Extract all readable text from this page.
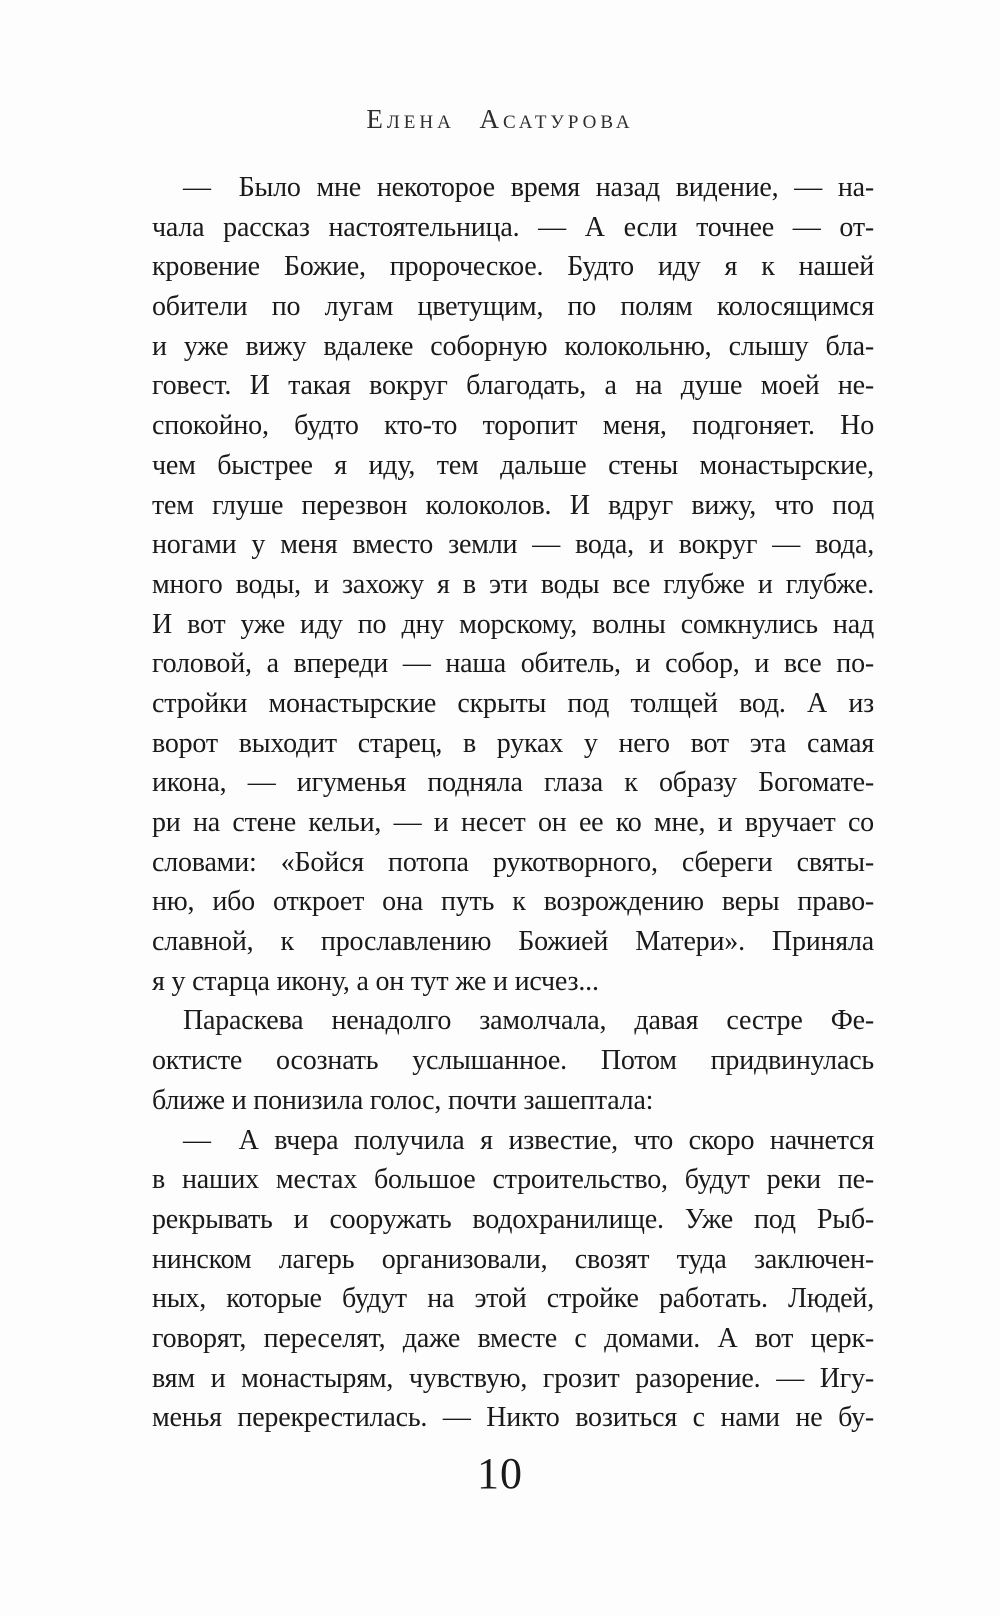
Елена Асатурова
— Было мне некоторое время назад видение, — на-
чала рассказ настоятельница. — А если точнее — от-
кровение Божие, пророческое. Будто иду я к нашей
обители по лугам цветущим, по полям колосящимся
и уже вижу вдалеке соборную колокольню, слышу бла-
говест. И такая вокруг благодать, а на душе моей не-
спокойно, будто кто-то торопит меня, подгоняет. Но
чем быстрее я иду, тем дальше стены монастырские,
тем глуше перезвон колоколов. И вдруг вижу, что под
ногами у меня вместо земли — вода, и вокруг — вода,
много воды, и захожу я в эти воды все глубже и глубже.
И вот уже иду по дну морскому, волны сомкнулись над
головой, а впереди — наша обитель, и собор, и все по-
стройки монастырские скрыты под толщей вод. А из
ворот выходит старец, в руках у него вот эта самая
икона, — игуменья подняла глаза к образу Богомате-
ри на стене кельи, — и несет он ее ко мне, и вручает со
словами: «Бойся потопа рукотворного, сбереги святы-
ню, ибо откроет она путь к возрождению веры право-
славной, к прославлению Божией Матери». Приняла
я у старца икону, а он тут же и исчез...
Параскева ненадолго замолчала, давая сестре Фе-
октисте осознать услышанное. Потом придвинулась
ближе и понизила голос, почти зашептала:
— А вчера получила я известие, что скоро начнется
в наших местах большое строительство, будут реки пе-
рекрывать и сооружать водохранилище. Уже под Рыб-
нинском лагерь организовали, свозят туда заключен-
ных, которые будут на этой стройке работать. Людей,
говорят, переселят, даже вместе с домами. А вот церк-
вям и монастырям, чувствую, грозит разорение. — Игу-
менья перекрестилась. — Никто возиться с нами не бу-
10
